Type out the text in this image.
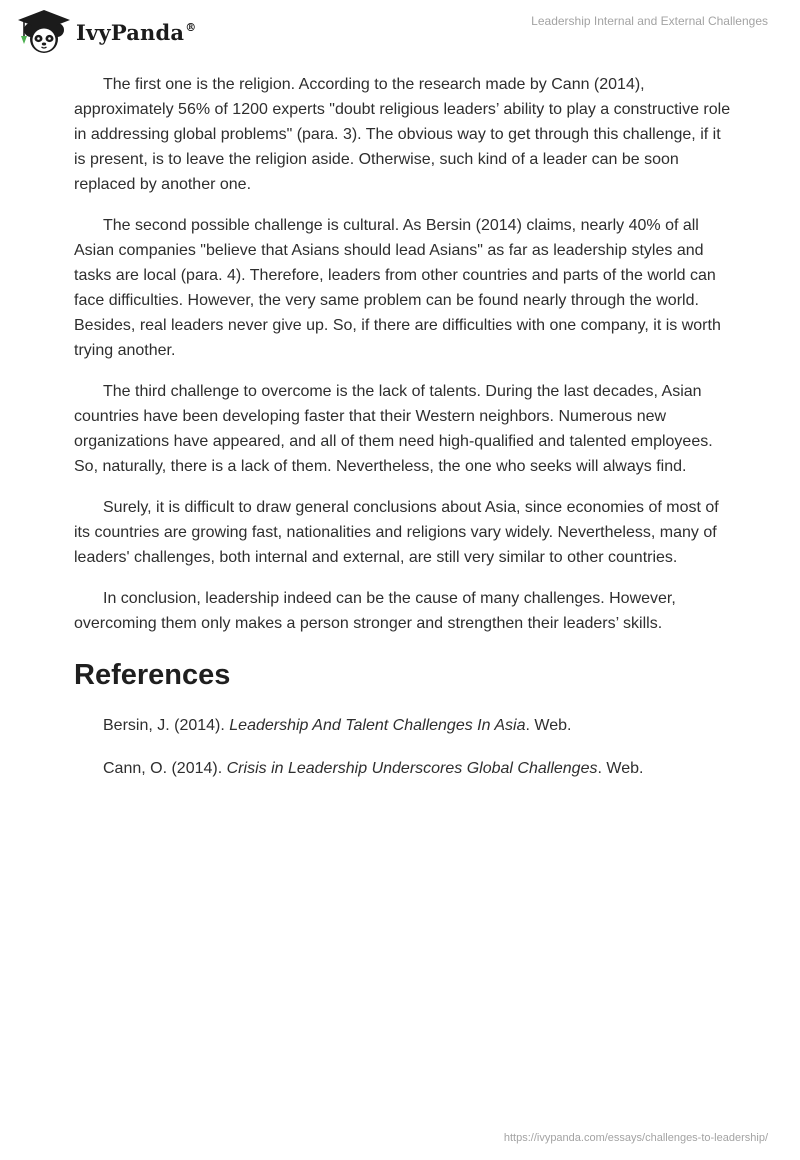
IvyPanda®	Leadership Internal and External Challenges

The first one is the religion. According to the research made by Cann (2014), approximately 56% of 1200 experts "doubt religious leaders’ ability to play a constructive role in addressing global problems" (para. 3). The obvious way to get through this challenge, if it is present, is to leave the religion aside. Otherwise, such kind of a leader can be soon replaced by another one.

The second possible challenge is cultural. As Bersin (2014) claims, nearly 40% of all Asian companies "believe that Asians should lead Asians" as far as leadership styles and tasks are local (para. 4). Therefore, leaders from other countries and parts of the world can face difficulties. However, the very same problem can be found nearly through the world. Besides, real leaders never give up. So, if there are difficulties with one company, it is worth trying another.

The third challenge to overcome is the lack of talents. During the last decades, Asian countries have been developing faster that their Western neighbors. Numerous new organizations have appeared, and all of them need high-qualified and talented employees. So, naturally, there is a lack of them. Nevertheless, the one who seeks will always find.

Surely, it is difficult to draw general conclusions about Asia, since economies of most of its countries are growing fast, nationalities and religions vary widely. Nevertheless, many of leaders' challenges, both internal and external, are still very similar to other countries.

In conclusion, leadership indeed can be the cause of many challenges. However, overcoming them only makes a person stronger and strengthen their leaders’ skills.

References

Bersin, J. (2014). Leadership And Talent Challenges In Asia. Web.

Cann, O. (2014). Crisis in Leadership Underscores Global Challenges. Web.

https://ivypanda.com/essays/challenges-to-leadership/
